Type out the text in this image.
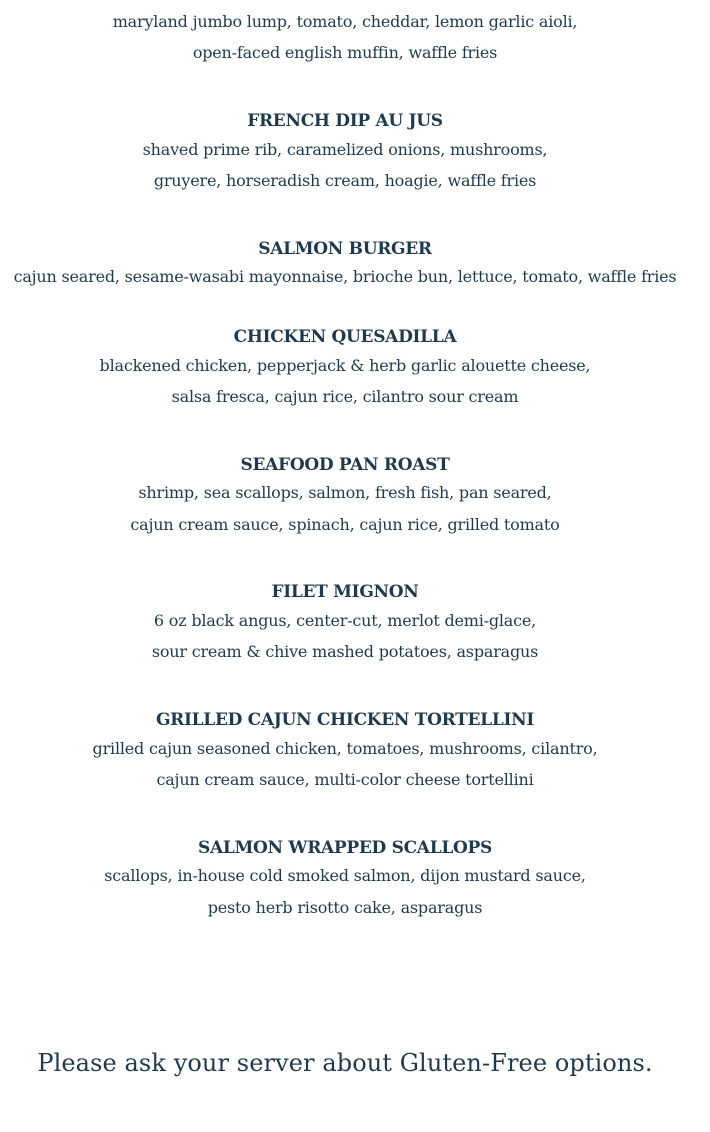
maryland jumbo lump, tomato, cheddar, lemon garlic aioli,
open-faced english muffin, waffle fries
FRENCH DIP AU JUS
shaved prime rib, caramelized onions, mushrooms,
gruyere, horseradish cream, hoagie, waffle fries
SALMON BURGER
cajun seared, sesame-wasabi mayonnaise, brioche bun, lettuce, tomato, waffle fries
CHICKEN QUESADILLA
blackened chicken, pepperjack & herb garlic alouette cheese,
salsa fresca, cajun rice, cilantro sour cream
SEAFOOD PAN ROAST
shrimp, sea scallops, salmon, fresh fish, pan seared,
cajun cream sauce, spinach, cajun rice, grilled tomato
FILET MIGNON
6 oz black angus, center-cut, merlot demi-glace,
sour cream & chive mashed potatoes, asparagus
GRILLED CAJUN CHICKEN TORTELLINI
grilled cajun seasoned chicken, tomatoes, mushrooms, cilantro,
cajun cream sauce, multi-color cheese tortellini
SALMON WRAPPED SCALLOPS
scallops, in-house cold smoked salmon, dijon mustard sauce,
pesto herb risotto cake, asparagus
Please ask your server about Gluten-Free options.
